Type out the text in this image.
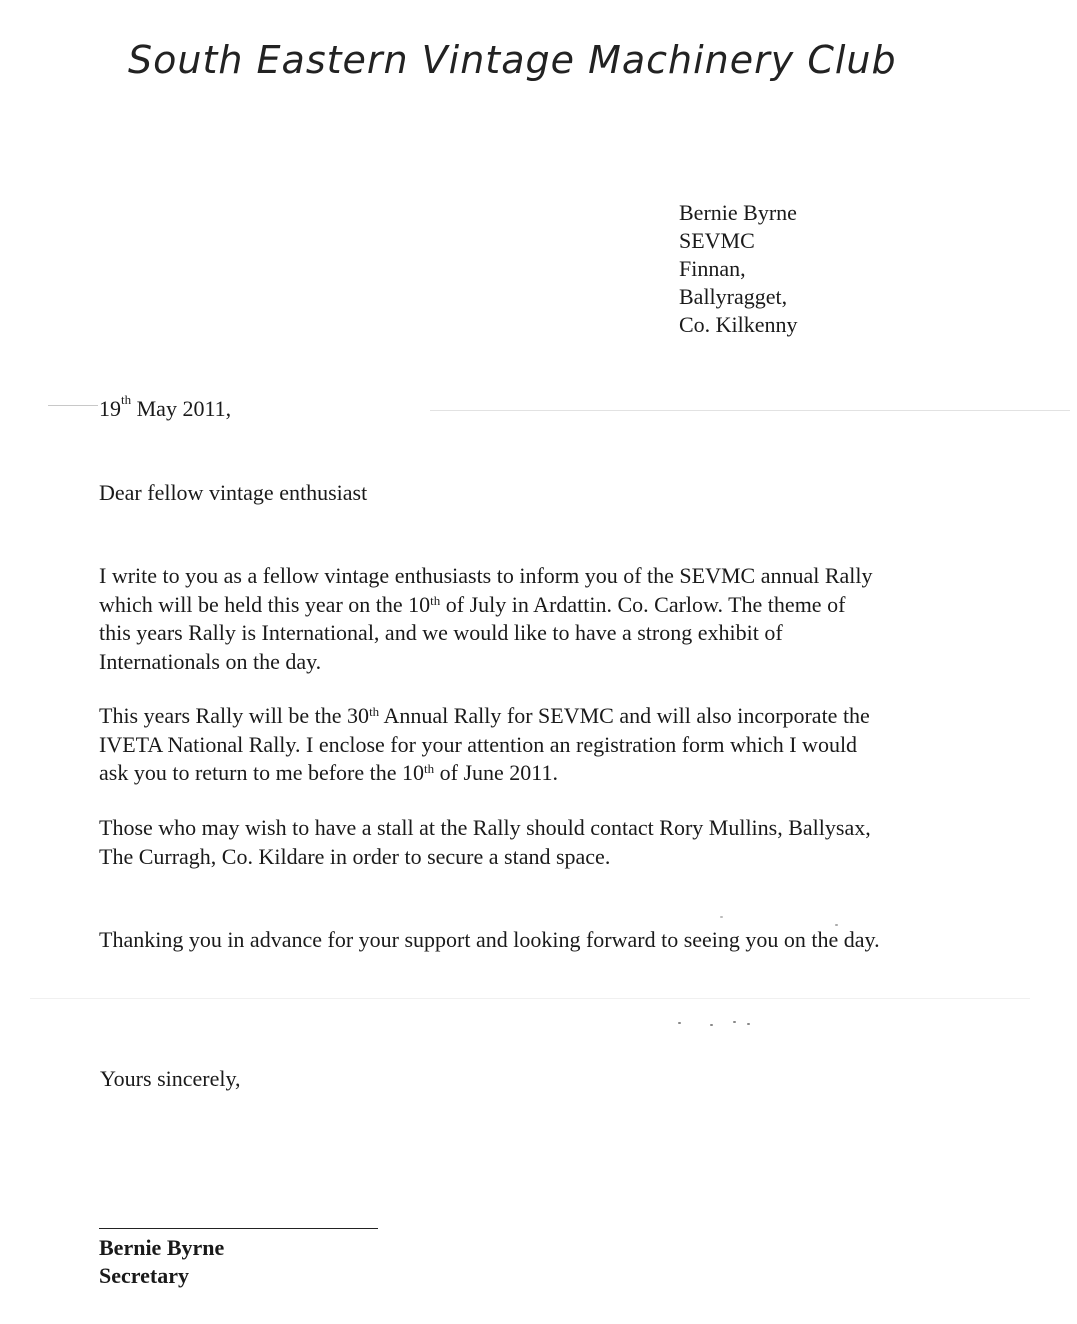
South Eastern Vintage Machinery Club
Bernie Byrne
SEVMC
Finnan,
Ballyragget,
Co. Kilkenny
19th May 2011,
Dear fellow vintage enthusiast
I write to you as a fellow vintage enthusiasts to inform you of the SEVMC annual Rally
which will be held this year on the 10th of July in Ardattin. Co. Carlow. The theme of
this years Rally is International, and we would like to have a strong exhibit of
Internationals on the day.
This years Rally will be the 30th Annual Rally for SEVMC and will also incorporate the
IVETA National Rally. I enclose for your attention an registration form which I would
ask you to return to me before the 10th of June 2011.
Those who may wish to have a stall at the Rally should contact Rory Mullins, Ballysax,
The Curragh, Co. Kildare in order to secure a stand space.
Thanking you in advance for your support and looking forward to seeing you on the day.
Yours sincerely,
Bernie Byrne
Secretary
